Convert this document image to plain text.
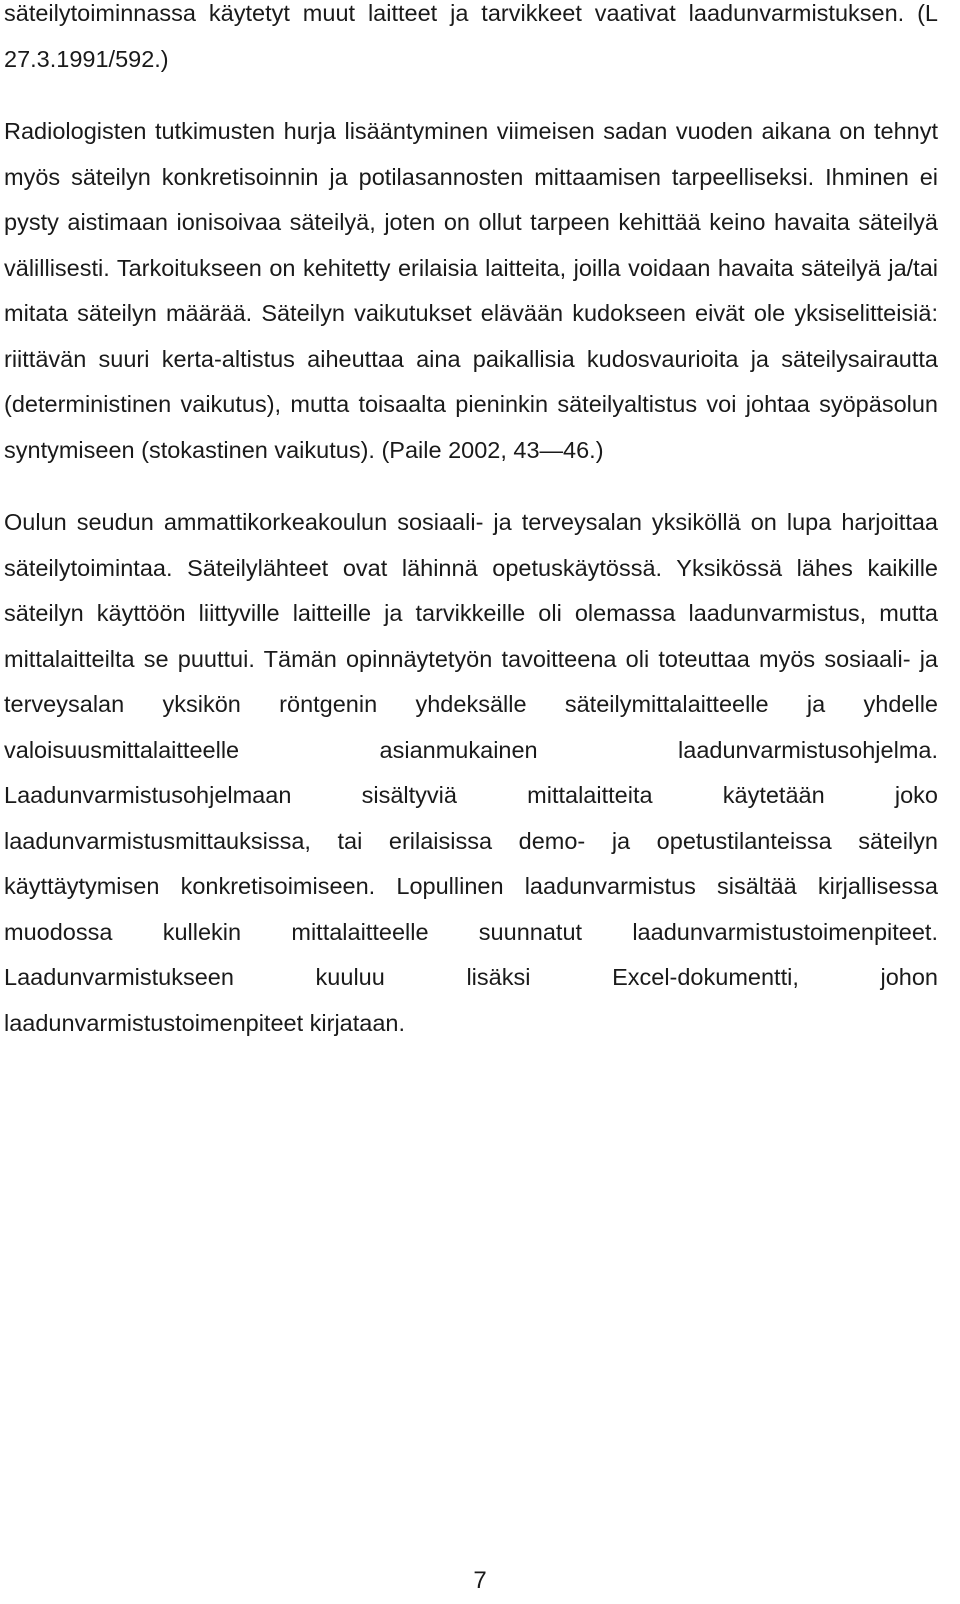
säteilytoiminnassa käytetyt muut laitteet ja tarvikkeet vaativat laadunvarmistuksen. (L 27.3.1991/592.)

Radiologisten tutkimusten hurja lisääntyminen viimeisen sadan vuoden aikana on tehnyt myös säteilyn konkretisoinnin ja potilasannosten mittaamisen tarpeelliseksi. Ihminen ei pysty aistimaan ionisoivaa säteilyä, joten on ollut tarpeen kehittää keino havaita säteilyä välillisesti. Tarkoitukseen on kehitetty erilaisia laitteita, joilla voidaan havaita säteilyä ja/tai mitata säteilyn määrää. Säteilyn vaikutukset elävään kudokseen eivät ole yksiselitteisiä: riittävän suuri kerta-altistus aiheuttaa aina paikallisia kudosvaurioita ja säteilysairautta (deterministinen vaikutus), mutta toisaalta pieninkin säteilyaltistus voi johtaa syöpäsolun syntymiseen (stokastinen vaikutus). (Paile 2002, 43—46.)

Oulun seudun ammattikorkeakoulun sosiaali- ja terveysalan yksiköllä on lupa harjoittaa säteilytoimintaa. Säteilylähteet ovat lähinnä opetuskäytössä. Yksikössä lähes kaikille säteilyn käyttöön liittyville laitteille ja tarvikkeille oli olemassa laadunvarmistus, mutta mittalaitteilta se puuttui. Tämän opinnäytetyön tavoitteena oli toteuttaa myös sosiaali- ja terveysalan yksikön röntgenin yhdeksälle säteilymittalaitteelle ja yhdelle valoisuusmittalaitteelle asianmukainen laadunvarmistusohjelma. Laadunvarmistusohjelmaan sisältyviä mittalaitteita käytetään joko laadunvarmistusmittauksissa, tai erilaisissa demo- ja opetustilanteissa säteilyn käyttäytymisen konkretisoimiseen. Lopullinen laadunvarmistus sisältää kirjallisessa muodossa kullekin mittalaitteelle suunnatut laadunvarmistustoimenpiteet. Laadunvarmistukseen kuuluu lisäksi Excel-dokumentti, johon laadunvarmistustoimenpiteet kirjataan.

7
